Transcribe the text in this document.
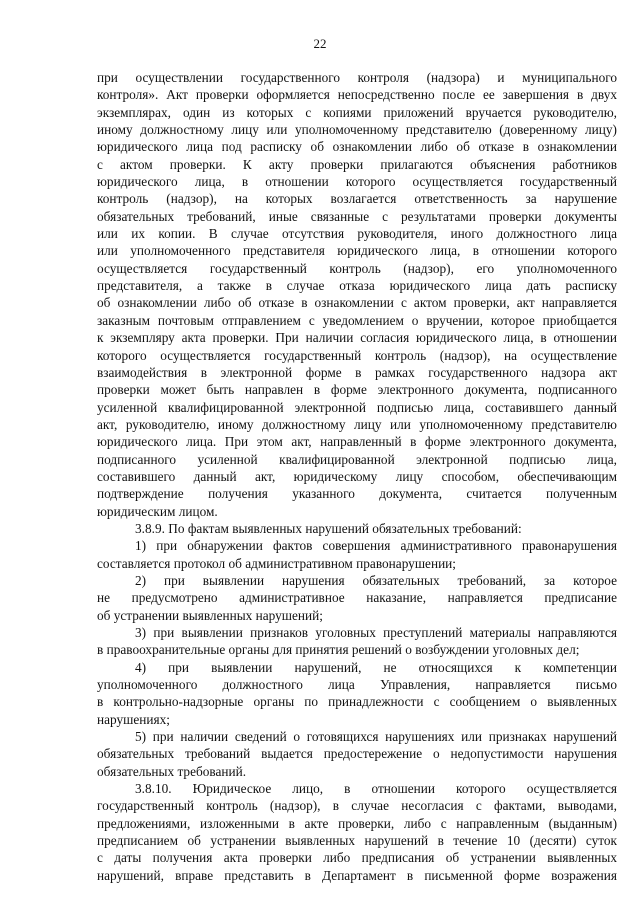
22
при осуществлении государственного контроля (надзора) и муниципального
контроля». Акт проверки оформляется непосредственно после ее завершения в двух
экземплярах, один из которых с копиями приложений вручается руководителю,
иному должностному лицу или уполномоченному представителю (доверенному лицу)
юридического лица под расписку об ознакомлении либо об отказе в ознакомлении
с актом проверки. К акту проверки прилагаются объяснения работников
юридического лица, в отношении которого осуществляется государственный
контроль (надзор), на которых возлагается ответственность за нарушение
обязательных требований, иные связанные с результатами проверки документы
или их копии. В случае отсутствия руководителя, иного должностного лица
или уполномоченного представителя юридического лица, в отношении которого
осуществляется государственный контроль (надзор), его уполномоченного
представителя, а также в случае отказа юридического лица дать расписку
об ознакомлении либо об отказе в ознакомлении с актом проверки, акт направляется
заказным почтовым отправлением с уведомлением о вручении, которое приобщается
к экземпляру акта проверки. При наличии согласия юридического лица, в отношении
которого осуществляется государственный контроль (надзор), на осуществление
взаимодействия в электронной форме в рамках государственного надзора акт
проверки может быть направлен в форме электронного документа, подписанного
усиленной квалифицированной электронной подписью лица, составившего данный
акт, руководителю, иному должностному лицу или уполномоченному представителю
юридического лица. При этом акт, направленный в форме электронного документа,
подписанного усиленной квалифицированной электронной подписью лица,
составившего данный акт, юридическому лицу способом, обеспечивающим
подтверждение получения указанного документа, считается полученным
юридическим лицом.
3.8.9. По фактам выявленных нарушений обязательных требований:
1) при обнаружении фактов совершения административного правонарушения
составляется протокол об административном правонарушении;
2) при выявлении нарушения обязательных требований, за которое
не предусмотрено административное наказание, направляется предписание
об устранении выявленных нарушений;
3) при выявлении признаков уголовных преступлений материалы направляются
в правоохранительные органы для принятия решений о возбуждении уголовных дел;
4) при выявлении нарушений, не относящихся к компетенции
уполномоченного должностного лица Управления, направляется письмо
в контрольно-надзорные органы по принадлежности с сообщением о выявленных
нарушениях;
5) при наличии сведений о готовящихся нарушениях или признаках нарушений
обязательных требований выдается предостережение о недопустимости нарушения
обязательных требований.
3.8.10. Юридическое лицо, в отношении которого осуществляется
государственный контроль (надзор), в случае несогласия с фактами, выводами,
предложениями, изложенными в акте проверки, либо с направленным (выданным)
предписанием об устранении выявленных нарушений в течение 10 (десяти) суток
с даты получения акта проверки либо предписания об устранении выявленных
нарушений, вправе представить в Департамент в письменной форме возражения
